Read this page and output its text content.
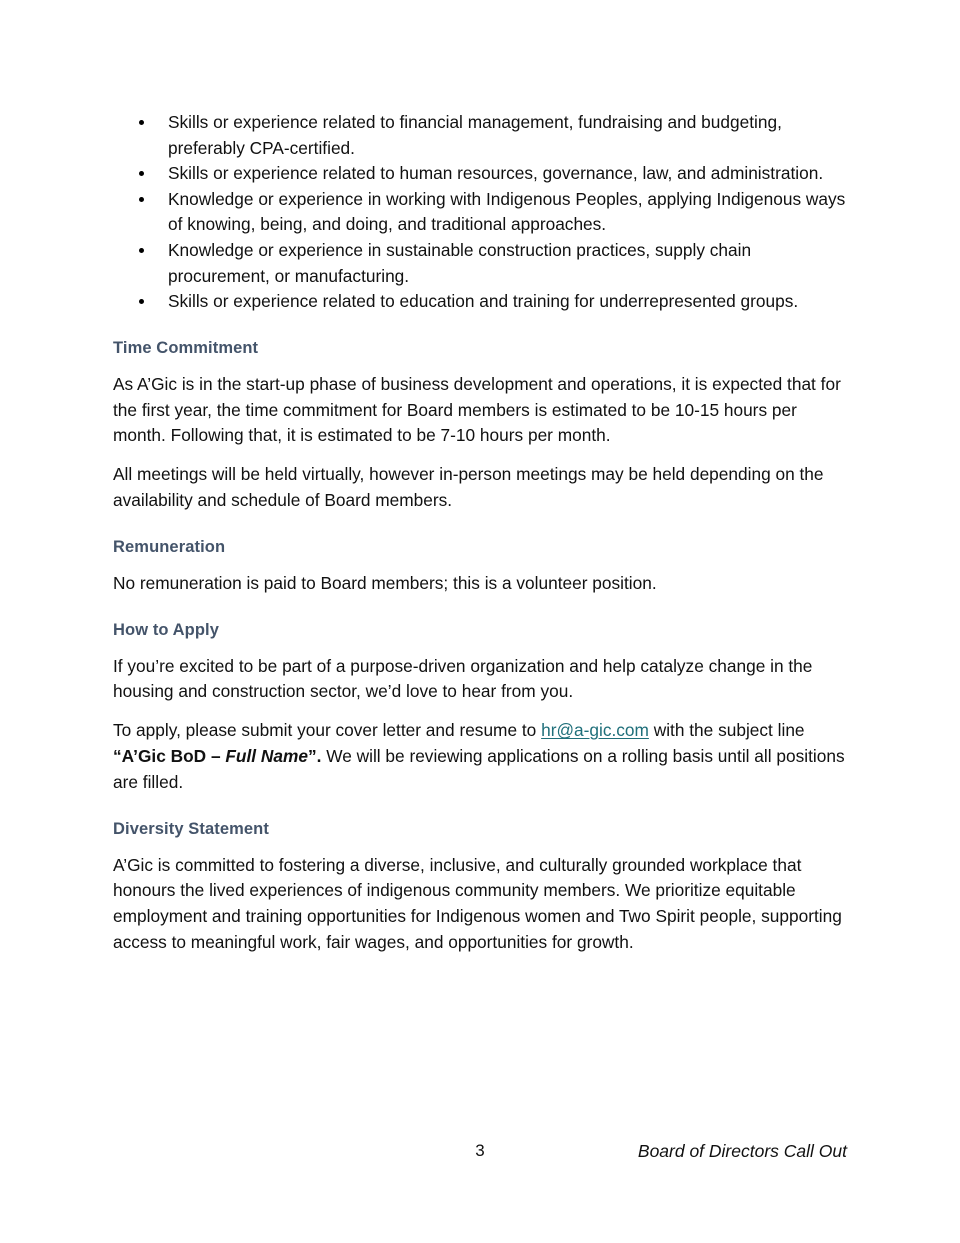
Skills or experience related to financial management, fundraising and budgeting, preferably CPA-certified.
Skills or experience related to human resources, governance, law, and administration.
Knowledge or experience in working with Indigenous Peoples, applying Indigenous ways of knowing, being, and doing, and traditional approaches.
Knowledge or experience in sustainable construction practices, supply chain procurement, or manufacturing.
Skills or experience related to education and training for underrepresented groups.
Time Commitment

As A’Gic is in the start-up phase of business development and operations, it is expected that for the first year, the time commitment for Board members is estimated to be 10-15 hours per month. Following that, it is estimated to be 7-10 hours per month.

All meetings will be held virtually, however in-person meetings may be held depending on the availability and schedule of Board members.

Remuneration

No remuneration is paid to Board members; this is a volunteer position.

How to Apply

If you’re excited to be part of a purpose-driven organization and help catalyze change in the housing and construction sector, we’d love to hear from you.

To apply, please submit your cover letter and resume to hr@a-gic.com with the subject line “A’Gic BoD – Full Name”. We will be reviewing applications on a rolling basis until all positions are filled.

Diversity Statement

A’Gic is committed to fostering a diverse, inclusive, and culturally grounded workplace that honours the lived experiences of indigenous community members. We prioritize equitable employment and training opportunities for Indigenous women and Two Spirit people, supporting access to meaningful work, fair wages, and opportunities for growth.

3	Board of Directors Call Out
